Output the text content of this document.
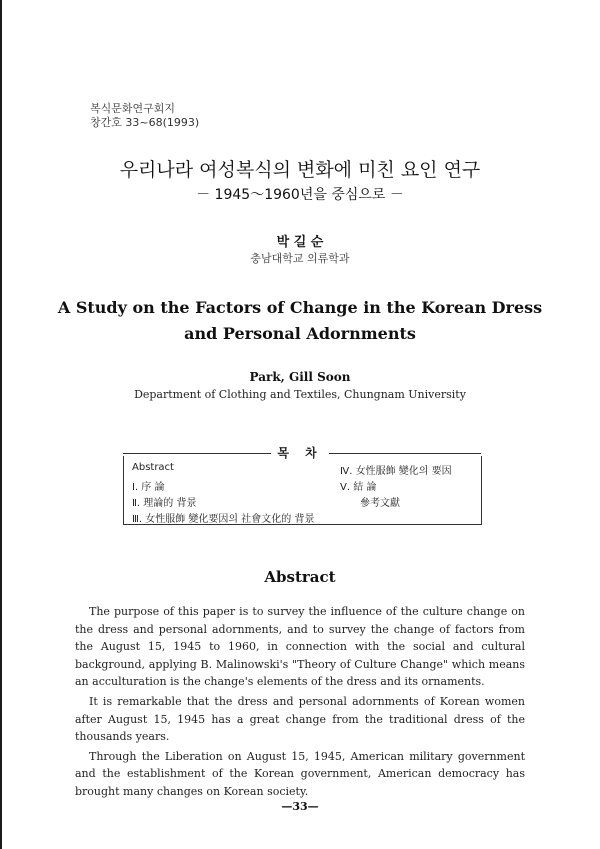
복식문화연구회지
창간호 33~68(1993)
우리나라 여성복식의 변화에 미친 요인 연구
－ 1945～1960년을 중심으로 －
박 길 순
충남대학교 의류학과
A Study on the Factors of Change in the Korean Dress
and Personal Adornments
Park, Gill Soon
Department of Clothing and Textiles, Chungnam University
목 차
Abstract
Ⅰ. 序 論
Ⅱ. 理論的 背景
Ⅲ. 女性服飾 變化要因의 社會文化的 背景
Ⅳ. 女性服飾 變化의 要因
Ⅴ. 結 論
參考文獻
Abstract

The purpose of this paper is to survey the influence of the culture change on the dress and personal adornments, and to survey the change of factors from the August 15, 1945 to 1960, in connection with the social and cultural background, applying B. Malinowski's "Theory of Culture Change" which means an acculturation is the change's elements of the dress and its ornaments.

It is remarkable that the dress and personal adornments of Korean women after August 15, 1945 has a great change from the traditional dress of the thousands years.

Through the Liberation on August 15, 1945, American military government and the establishment of the Korean government, American democracy has brought many changes on Korean society.

—33—
